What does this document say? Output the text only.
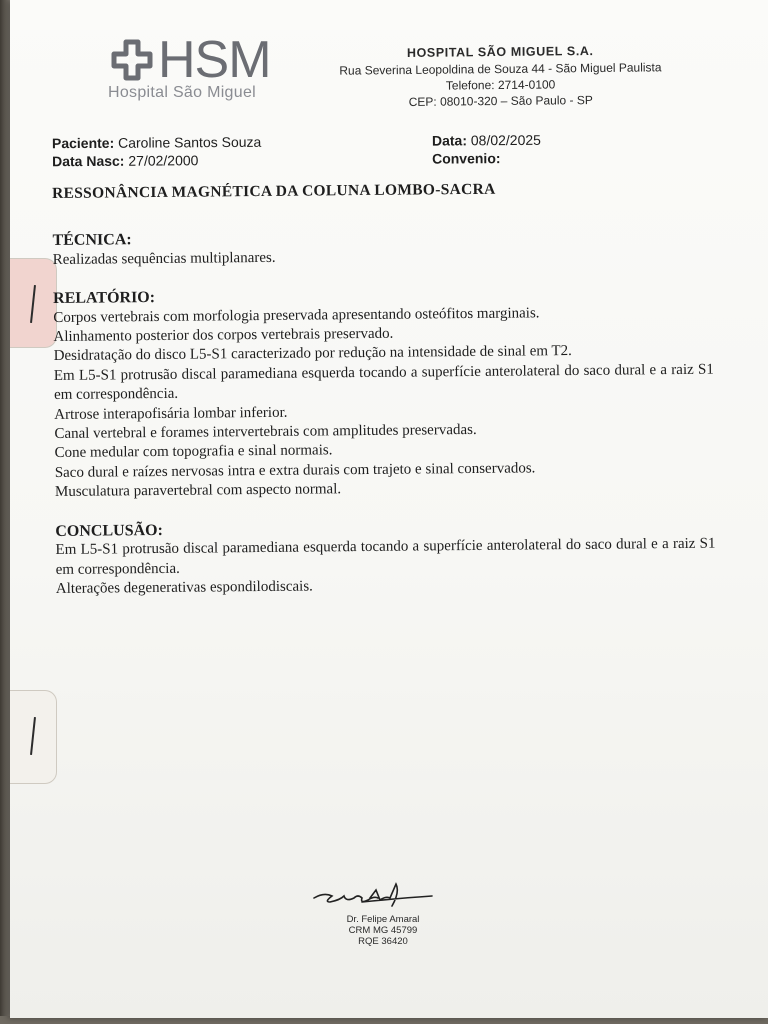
HSM
Hospital São Miguel
HOSPITAL SÃO MIGUEL S.A.
Rua Severina Leopoldina de Souza 44 - São Miguel Paulista
Telefone: 2714-0100
CEP: 08010-320 – São Paulo - SP
Paciente: Caroline Santos Souza	Data: 08/02/2025
Data Nasc: 27/02/2000	Convenio:
RESSONÂNCIA MAGNÉTICA DA COLUNA LOMBO-SACRA
TÉCNICA:
Realizadas sequências multiplanares.
RELATÓRIO:
Corpos vertebrais com morfologia preservada apresentando osteófitos marginais.
Alinhamento posterior dos corpos vertebrais preservado.
Desidratação do disco L5-S1 caracterizado por redução na intensidade de sinal em T2.
Em L5-S1 protrusão discal paramediana esquerda tocando a superfície anterolateral do saco dural e a raiz S1 em correspondência.
Artrose interapofisária lombar inferior.
Canal vertebral e forames intervertebrais com amplitudes preservadas.
Cone medular com topografia e sinal normais.
Saco dural e raízes nervosas intra e extra durais com trajeto e sinal conservados.
Musculatura paravertebral com aspecto normal.
CONCLUSÃO:
Em L5-S1 protrusão discal paramediana esquerda tocando a superfície anterolateral do saco dural e a raiz S1 em correspondência.
Alterações degenerativas espondilodiscais.
Dr. Felipe Amaral
CRM MG 45799
RQE 36420
